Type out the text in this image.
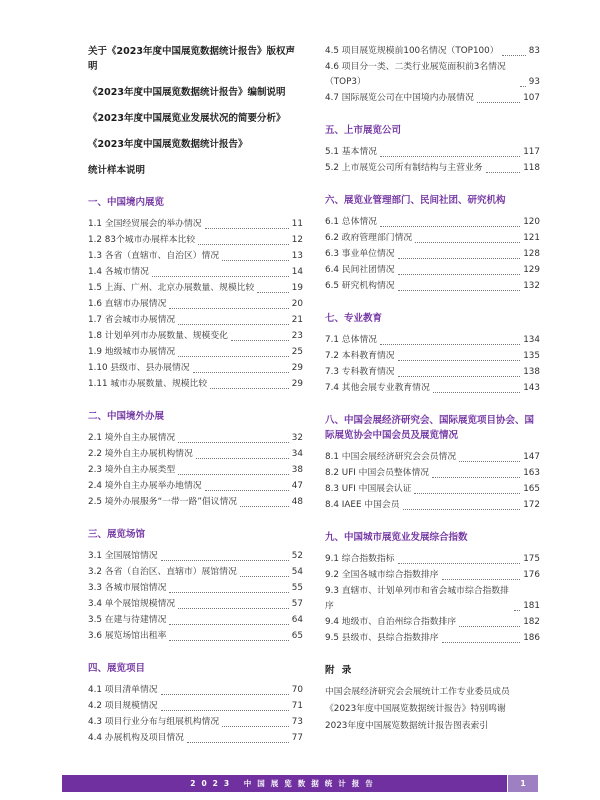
关于《2023年度中国展览数据统计报告》版权声明
《2023年度中国展览数据统计报告》编制说明
《2023年度中国展览业发展状况的简要分析》
《2023年度中国展览数据统计报告》
统计样本说明
一、中国境内展览
1.1 全国经贸展会的举办情况	11
1.2 83个城市办展样本比较	12
1.3 各省（直辖市、自治区）情况	13
1.4 各城市情况	14
1.5 上海、广州、北京办展数量、规模比较	19
1.6 直辖市办展情况	20
1.7 省会城市办展情况	21
1.8 计划单列市办展数量、规模变化	23
1.9 地级城市办展情况	25
1.10 县级市、县办展情况	29
1.11 城市办展数量、规模比较	29
二、中国境外办展
2.1 境外自主办展情况	32
2.2 境外自主办展机构情况	34
2.3 境外自主办展类型	38
2.4 境外自主办展举办地情况	47
2.5 境外办展服务“一带一路”倡议情况	48
三、展览场馆
3.1 全国展馆情况	52
3.2 各省（自治区、直辖市）展馆情况	54
3.3 各城市展馆情况	55
3.4 单个展馆规模情况	57
3.5 在建与待建情况	64
3.6 展览场馆出租率	65
四、展览项目
4.1 项目清单情况	70
4.2 项目规模情况	71
4.3 项目行业分布与组展机构情况	73
4.4 办展机构及项目情况	77
4.5 项目展览规模前100名情况（TOP100）	83
4.6 项目分一类、二类行业展览面积前3名情况（TOP3）	93
4.7 国际展览公司在中国境内办展情况	107
五、上市展览公司
5.1 基本情况	117
5.2 上市展览公司所有制结构与主营业务	118
六、展览业管理部门、民间社团、研究机构
6.1 总体情况	120
6.2 政府管理部门情况	121
6.3 事业单位情况	128
6.4 民间社团情况	129
6.5 研究机构情况	132
七、专业教育
7.1 总体情况	134
7.2 本科教育情况	135
7.3 专科教育情况	138
7.4 其他会展专业教育情况	143
八、中国会展经济研究会、国际展览项目协会、国际展览协会中国会员及展览情况
8.1 中国会展经济研究会会员情况	147
8.2 UFI 中国会员整体情况	163
8.3 UFI 中国展会认证	165
8.4 IAEE 中国会员	172
九、中国城市展览业发展综合指数
9.1 综合指数指标	175
9.2 全国各城市综合指数排序	176
9.3 直辖市、计划单列市和省会城市综合指数排序	181
9.4 地级市、自治州综合指数排序	182
9.5 县级市、县综合指数排序	186
附 录
中国会展经济研究会会展统计工作专业委员成员
《2023年度中国展览数据统计报告》特别鸣谢
2023年度中国展览数据统计报告图表索引
2023 中国展览数据统计报告	1
